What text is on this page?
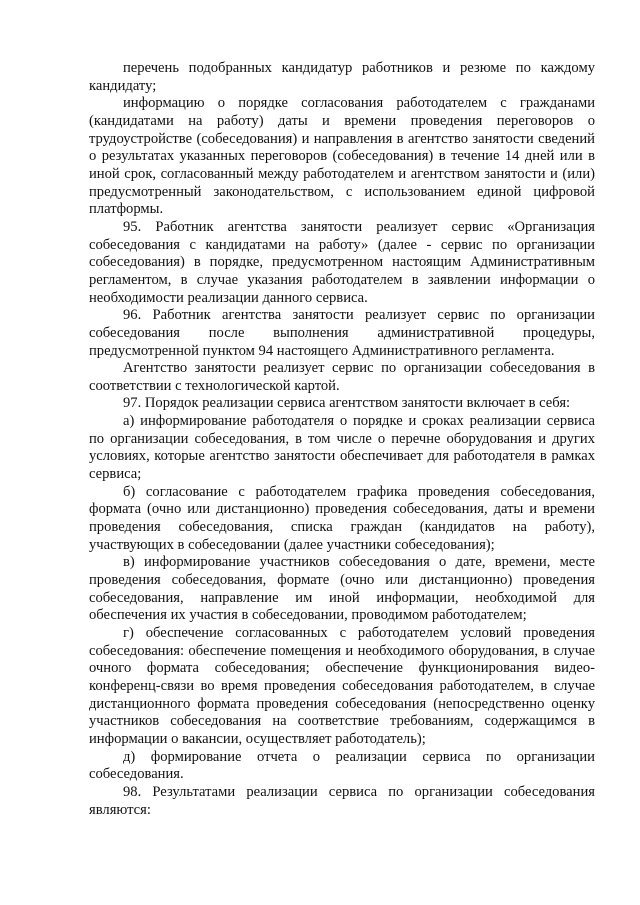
перечень подобранных кандидатур работников и резюме по каждому кандидату;

информацию о порядке согласования работодателем с гражданами (кандидатами на работу) даты и времени проведения переговоров о трудоустройстве (собеседования) и направления в агентство занятости сведений о результатах указанных переговоров (собеседования) в течение 14 дней или в иной срок, согласованный между работодателем и агентством занятости и (или) предусмотренный законодательством, с использованием единой цифровой платформы.

95. Работник агентства занятости реализует сервис «Организация собеседования с кандидатами на работу» (далее - сервис по организации собеседования) в порядке, предусмотренном настоящим Административным регламентом, в случае указания работодателем в заявлении информации о необходимости реализации данного сервиса.

96. Работник агентства занятости реализует сервис по организации собеседования после выполнения административной процедуры, предусмотренной пунктом 94 настоящего Административного регламента.

Агентство занятости реализует сервис по организации собеседования в соответствии с технологической картой.

97. Порядок реализации сервиса агентством занятости включает в себя:

а) информирование работодателя о порядке и сроках реализации сервиса по организации собеседования, в том числе о перечне оборудования и других условиях, которые агентство занятости обеспечивает для работодателя в рамках сервиса;

б) согласование с работодателем графика проведения собеседования, формата (очно или дистанционно) проведения собеседования, даты и времени проведения собеседования, списка граждан (кандидатов на работу), участвующих в собеседовании (далее участники собеседования);

в) информирование участников собеседования о дате, времени, месте проведения собеседования, формате (очно или дистанционно) проведения собеседования, направление им иной информации, необходимой для обеспечения их участия в собеседовании, проводимом работодателем;

г) обеспечение согласованных с работодателем условий проведения собеседования: обеспечение помещения и необходимого оборудования, в случае очного формата собеседования; обеспечение функционирования видео-конференц-связи во время проведения собеседования работодателем, в случае дистанционного формата проведения собеседования (непосредственно оценку участников собеседования на соответствие требованиям, содержащимся в информации о вакансии, осуществляет работодатель);

д) формирование отчета о реализации сервиса по организации собеседования.

98. Результатами реализации сервиса по организации собеседования являются:
